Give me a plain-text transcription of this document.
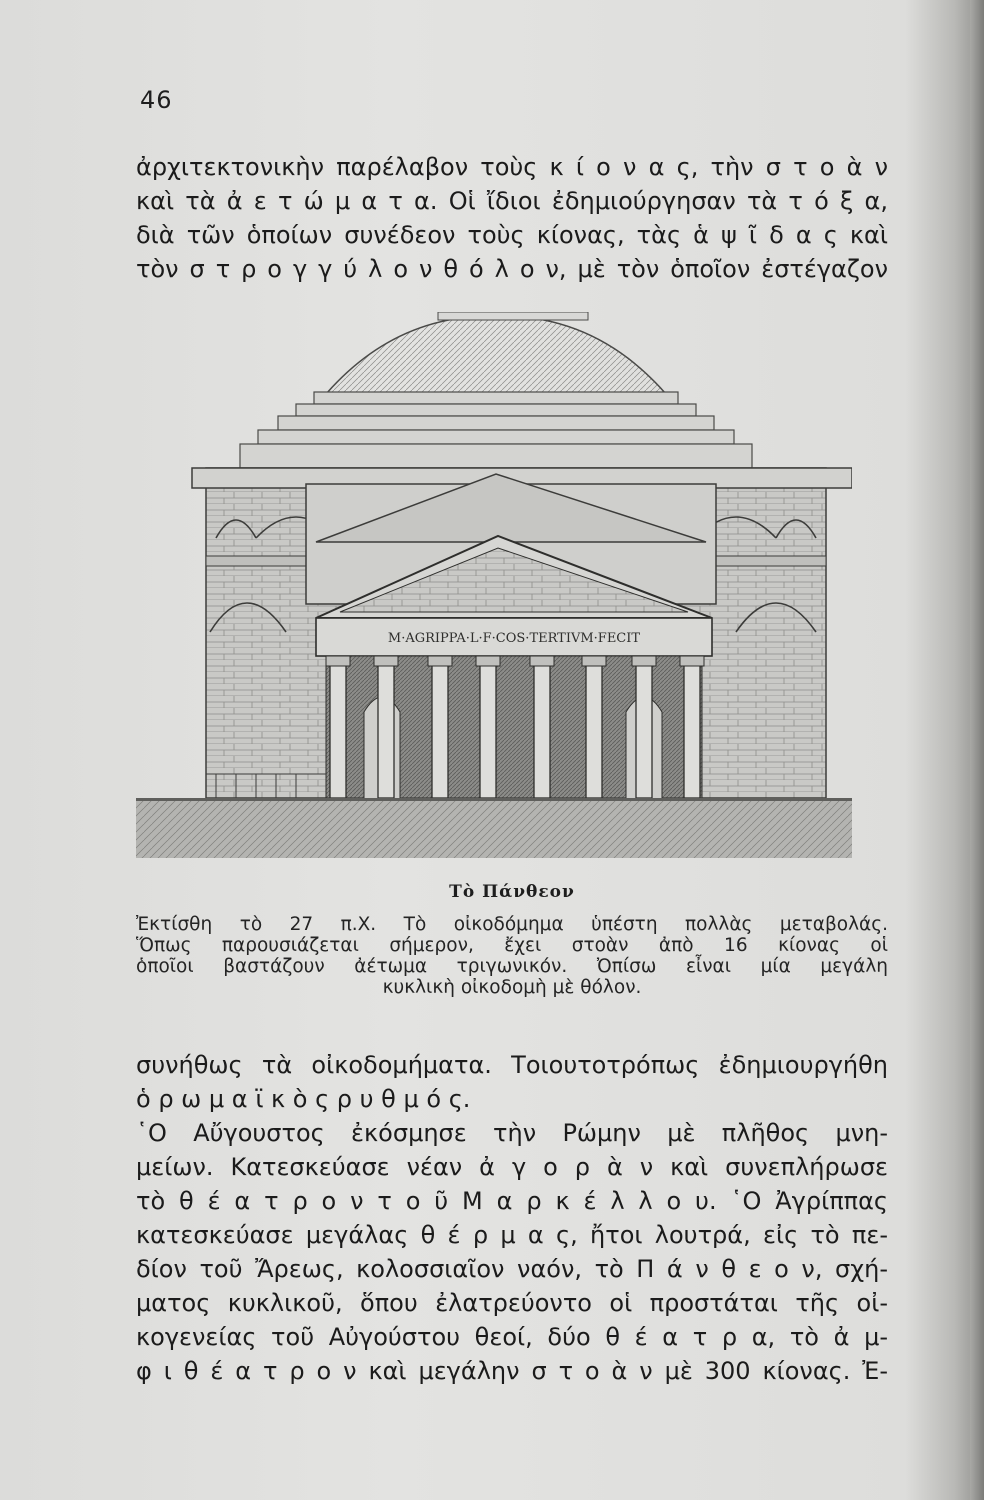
46
ἀρχιτεκτονικὴν παρέλαβον τοὺς κ ί ο ν α ς, τὴν σ τ ο ὰ ν
καὶ τὰ ἀ ε τ ώ μ α τ α. Οἱ ἴδιοι ἐδημιούργησαν τὰ τ ό ξ α,
διὰ τῶν ὁποίων συνέδεον τοὺς κίονας, τὰς ἁ ψ ῖ δ α ς καὶ
τὸν σ τ ρ ο γ γ ύ λ ο ν θ ό λ ο ν, μὲ τὸν ὁποῖον ἐστέγαζον
M·AGRIPPA·L·F·COS·TERTIVM·FECIT
Τὸ Πάνθεον
Ἐκτίσθη τὸ 27 π.Χ. Τὸ οἰκοδόμημα ὑπέστη πολλὰς μεταβολάς.
Ὅπως παρουσιάζεται σήμερον, ἔχει στοὰν ἀπὸ 16 κίονας οἱ
ὁποῖοι βαστάζουν ἀέτωμα τριγωνικόν. Ὀπίσω εἶναι μία μεγάλη
κυκλικὴ οἰκοδομὴ μὲ θόλον.
συνήθως τὰ οἰκοδομήματα. Τοιουτοτρόπως ἐδημιουργήθη
ὁ ρ ω μ α ϊ κ ὸ ς ρ υ θ μ ό ς.
῾Ο Αὔγουστος ἐκόσμησε τὴν Ρώμην μὲ πλῆθος μνη-
μείων. Κατεσκεύασε νέαν ἀ γ ο ρ ὰ ν καὶ συνεπλήρωσε
τὸ θ έ α τ ρ ο ν τ ο ῦ Μ α ρ κ έ λ λ ο υ. ῾Ο Ἀγρίππας
κατεσκεύασε μεγάλας θ έ ρ μ α ς, ἤτοι λουτρά, εἰς τὸ πε-
δίον τοῦ Ἄρεως, κολοσσιαῖον ναόν, τὸ Π ά ν θ ε ο ν, σχή-
ματος κυκλικοῦ, ὅπου ἐλατρεύοντο οἱ προστάται τῆς οἰ-
κογενείας τοῦ Αὐγούστου θεοί, δύο θ έ α τ ρ α, τὸ ἀ μ-
φ ι θ έ α τ ρ ο ν καὶ μεγάλην σ τ ο ὰ ν μὲ 300 κίονας. Ἐ-
